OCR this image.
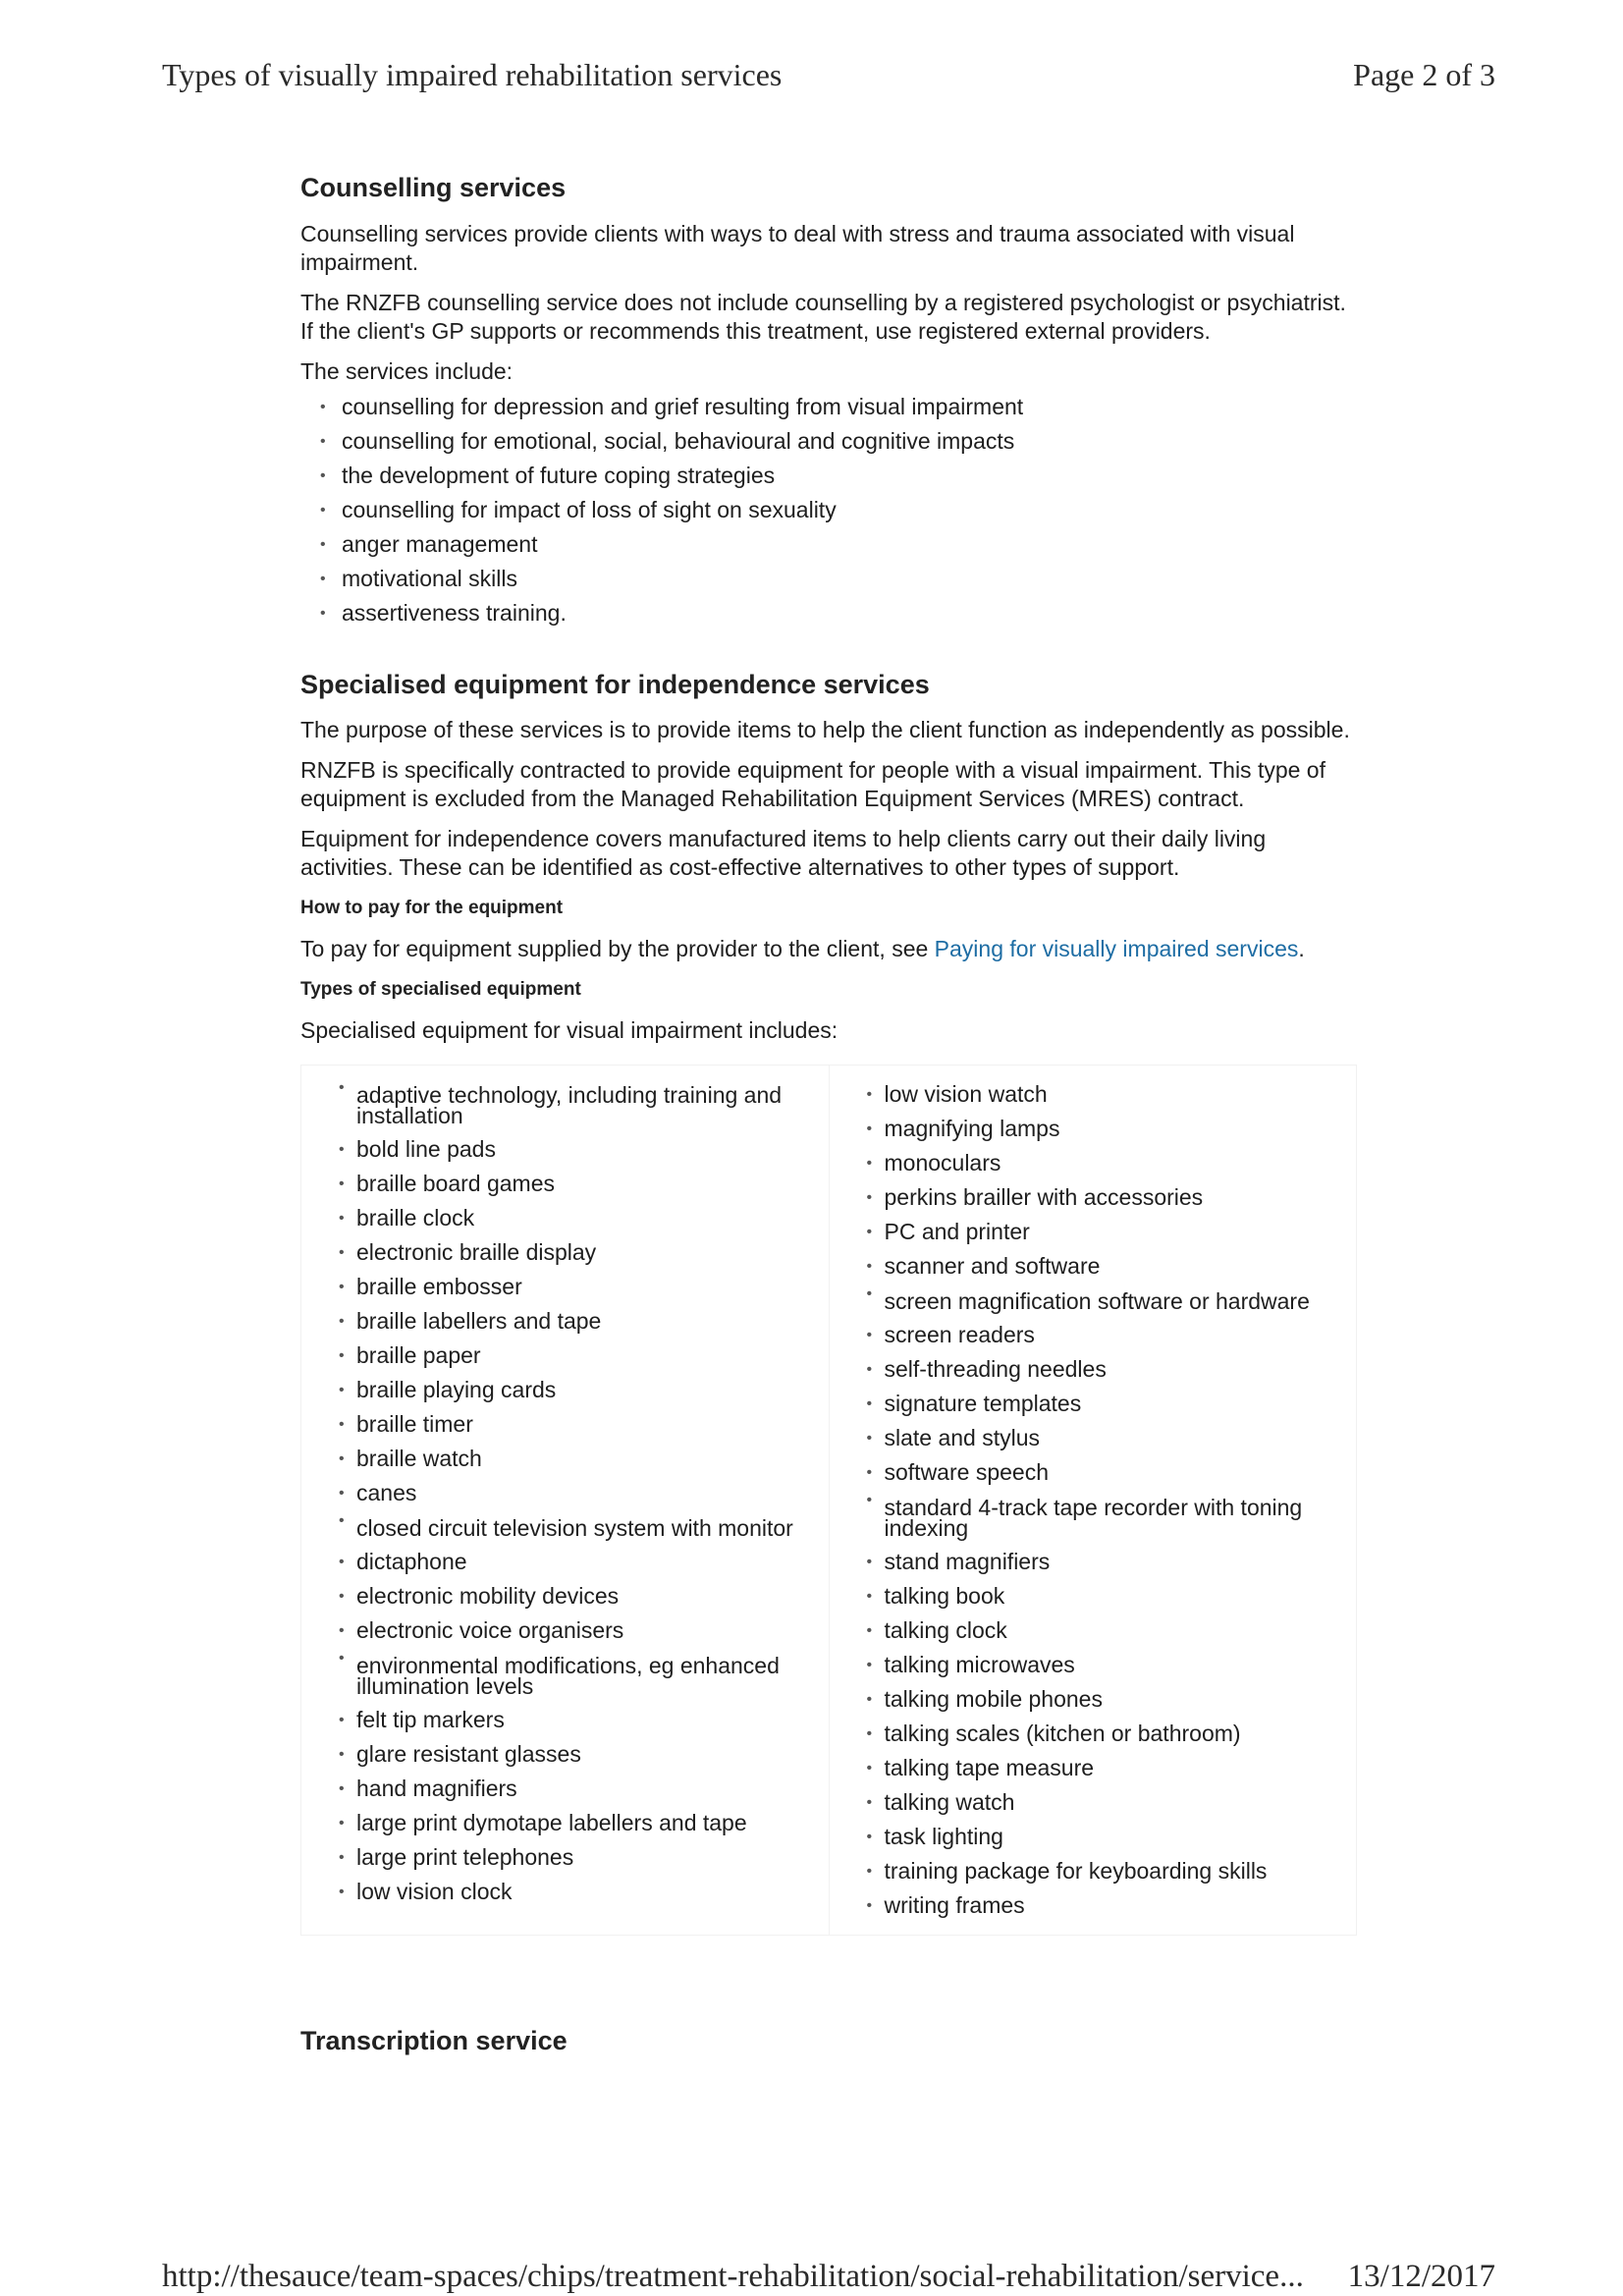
Types of visually impaired rehabilitation services	Page 2 of 3
Counselling services

Counselling services provide clients with ways to deal with stress and trauma associated with visual impairment.

The RNZFB counselling service does not include counselling by a registered psychologist or psychiatrist. If the client's GP supports or recommends this treatment, use registered external providers.

The services include:

• counselling for depression and grief resulting from visual impairment
• counselling for emotional, social, behavioural and cognitive impacts
• the development of future coping strategies
• counselling for impact of loss of sight on sexuality
• anger management
• motivational skills
• assertiveness training.
Specialised equipment for independence services

The purpose of these services is to provide items to help the client function as independently as possible.

RNZFB is specifically contracted to provide equipment for people with a visual impairment. This type of equipment is excluded from the Managed Rehabilitation Equipment Services (MRES) contract.

Equipment for independence covers manufactured items to help clients carry out their daily living activities. These can be identified as cost-effective alternatives to other types of support.

How to pay for the equipment

To pay for equipment supplied by the provider to the client, see Paying for visually impaired services.

Types of specialised equipment

Specialised equipment for visual impairment includes:

• adaptive technology, including training and installation
• bold line pads
• braille board games
• braille clock
• electronic braille display
• braille embosser
• braille labellers and tape
• braille paper
• braille playing cards
• braille timer
• braille watch
• canes
• closed circuit television system with monitor
• dictaphone
• electronic mobility devices
• electronic voice organisers
• environmental modifications, eg enhanced illumination levels
• felt tip markers
• glare resistant glasses
• hand magnifiers
• large print dymotape labellers and tape
• large print telephones
• low vision clock
• low vision watch
• magnifying lamps
• monoculars
• perkins brailler with accessories
• PC and printer
• scanner and software
• screen magnification software or hardware
• screen readers
• self-threading needles
• signature templates
• slate and stylus
• software speech
• standard 4-track tape recorder with toning indexing
• stand magnifiers
• talking book
• talking clock
• talking microwaves
• talking mobile phones
• talking scales (kitchen or bathroom)
• talking tape measure
• talking watch
• task lighting
• training package for keyboarding skills
• writing frames
Transcription service
http://thesauce/team-spaces/chips/treatment-rehabilitation/social-rehabilitation/service... 13/12/2017
